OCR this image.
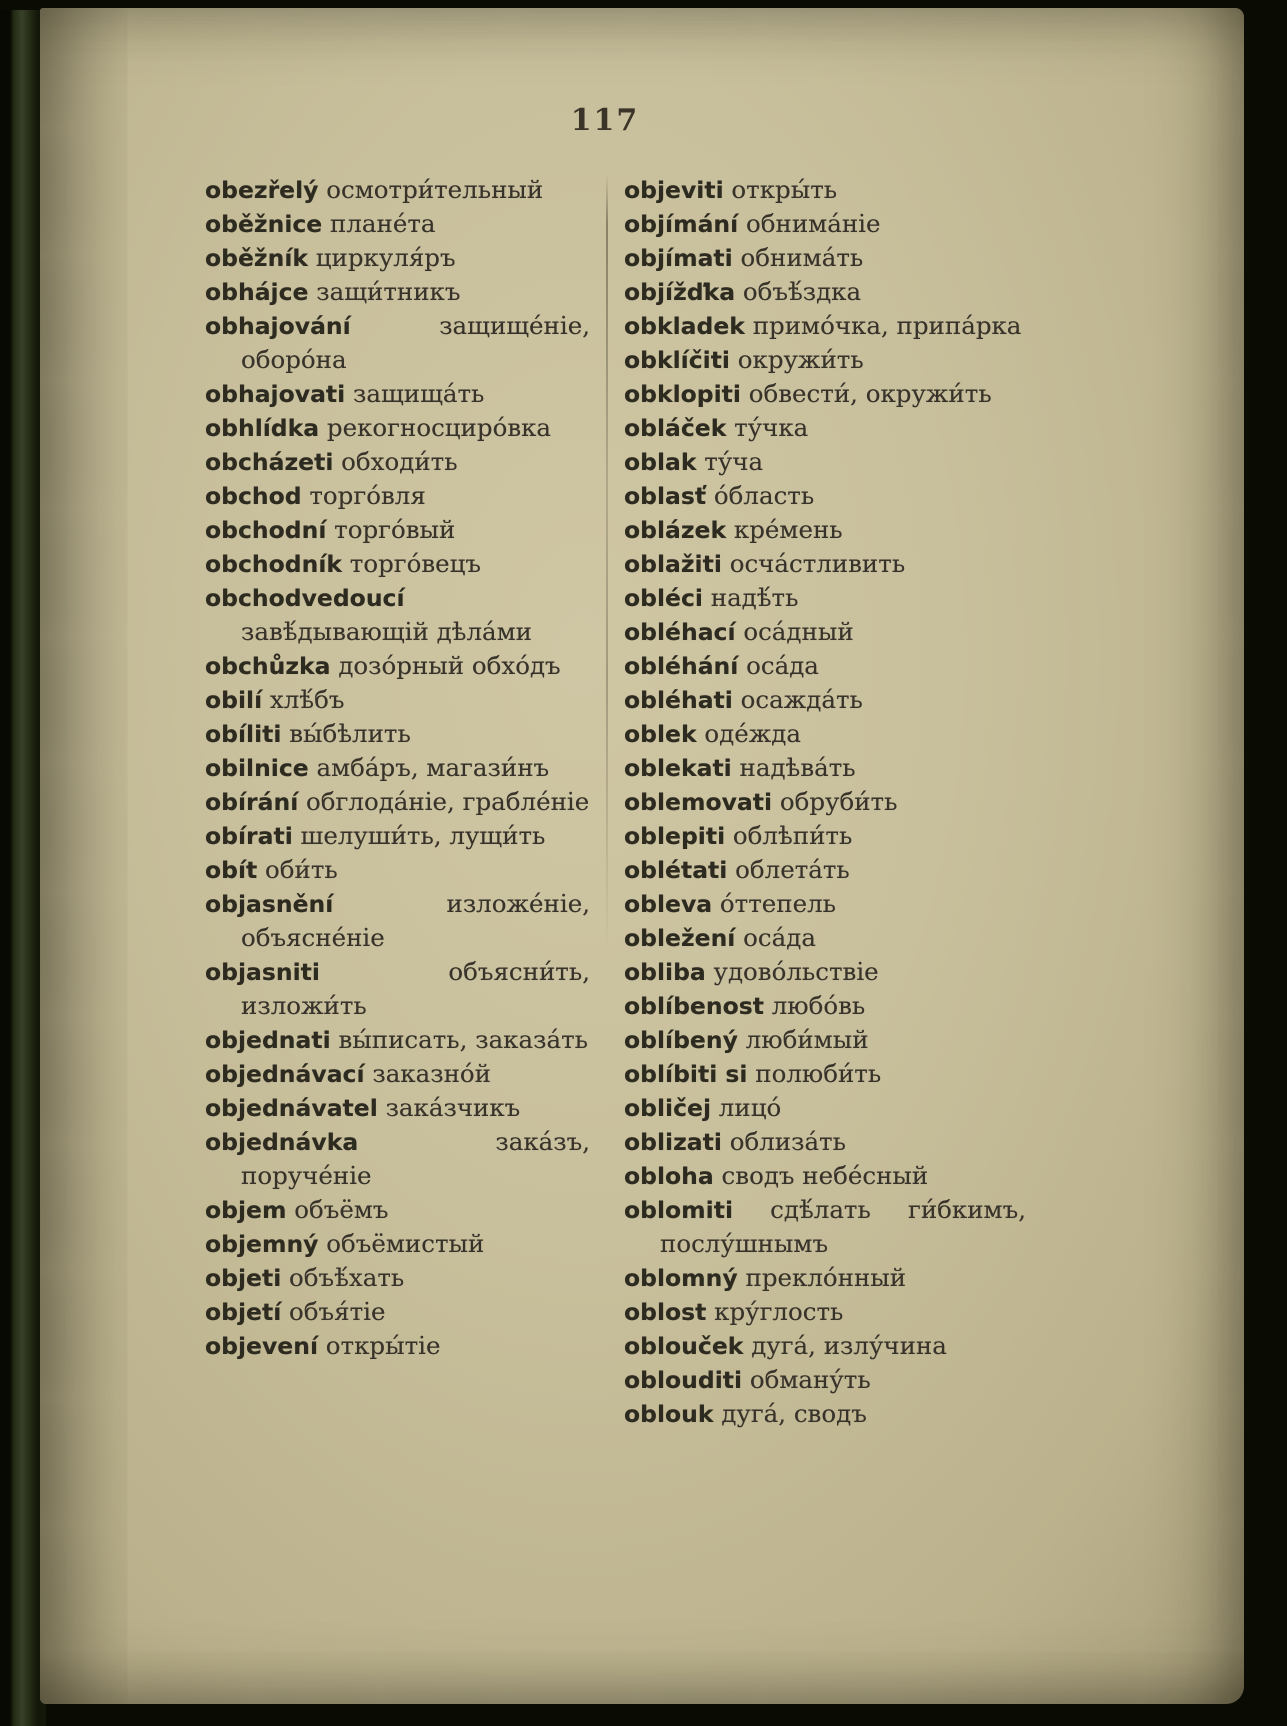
117
obezřelý осмотри́тельный
oběžnice плане́та
oběžník циркуля́ръ
obhájce защи́тникъ
obhajování защище́ніе, оборо́на
obhajovati защища́ть
obhlídka рекогносциро́вка
obcházeti обходи́ть
obchod торго́вля
obchodní торго́вый
obchodník торго́вецъ
obchodvedoucí завѣ́дывающій дѣла́ми
obchůzka дозо́рный обхо́дъ
obilí хлѣ́бъ
obíliti вы́бѣлить
obilnice амба́ръ, магази́нъ
obírání обглода́ніе, грабле́ніе
obírati шелуши́ть, лущи́ть
obít оби́ть
objasnění изложе́ніе, объясне́ніе
objasniti объясни́ть, изложи́ть
objednati вы́писать, заказа́ть
objednávací заказно́й
objednávatel зака́зчикъ
objednávka зака́зъ, поруче́ніе
objem объёмъ
objemný объёмистый
objeti объѣ́хать
objetí объя́тіе
objevení откры́тіе
objeviti откры́ть
objímání обнима́ніе
objímati обнима́ть
objížďka объѣ́здка
obkladek примо́чка, припа́рка
obklíčiti окружи́ть
obklopiti обвести́, окружи́ть
obláček ту́чка
oblak ту́ча
oblasť о́бласть
oblázek кре́мень
oblažiti осча́стливить
obléci надѣ́ть
obléhací оса́дный
obléhání оса́да
obléhati осажда́ть
oblek оде́жда
oblekati надѣва́ть
oblemovati обруби́ть
oblepiti облѣпи́ть
oblétati облета́ть
obleva о́ттепель
obležení оса́да
obliba удово́льствіе
oblíbenost любо́вь
oblíbený люби́мый
oblíbiti si полюби́ть
obličej лицо́
oblizati облиза́ть
obloha сводъ небе́сный
oblomiti сдѣ́лать ги́бкимъ, послу́шнымъ
oblomný прекло́нный
oblost кру́глость
oblouček дуга́, излу́чина
oblouditi обману́ть
oblouk дуга́, сводъ
